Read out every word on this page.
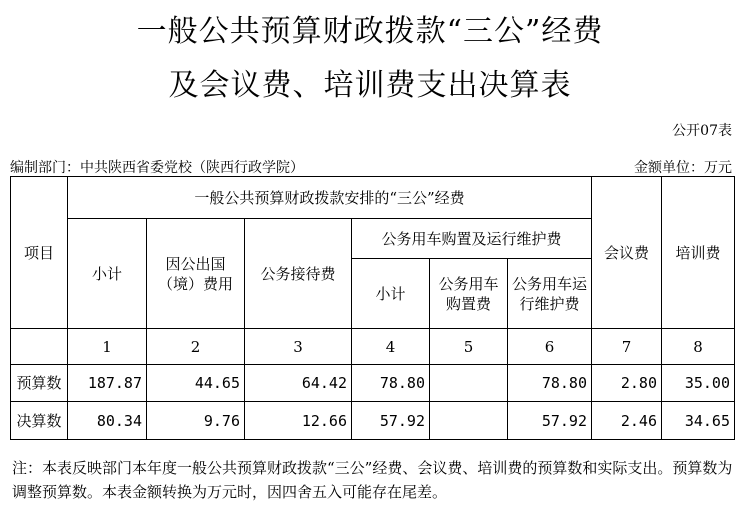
一般公共预算财政拨款“三公”经费
及会议费、培训费支出决算表
公开07表
编制部门：中共陕西省委党校（陕西行政学院）	金额单位：万元
项目	一般公共预算财政拨款安排的“三公”经费						会议费	培训费
	小计	因公出国（境）费用	公务接待费	公务用车购置及运行维护费				
				小计	公务用车购置费	公务用车运行维护费		
	1	2	3	4	5	6	7	8
预算数	187.87	44.65	64.42	78.80		78.80	2.80	35.00
决算数	80.34	9.76	12.66	57.92		57.92	2.46	34.65
注：本表反映部门本年度一般公共预算财政拨款“三公”经费、会议费、培训费的预算数和实际支出。预算数为调整预算数。本表金额转换为万元时，因四舍五入可能存在尾差。
